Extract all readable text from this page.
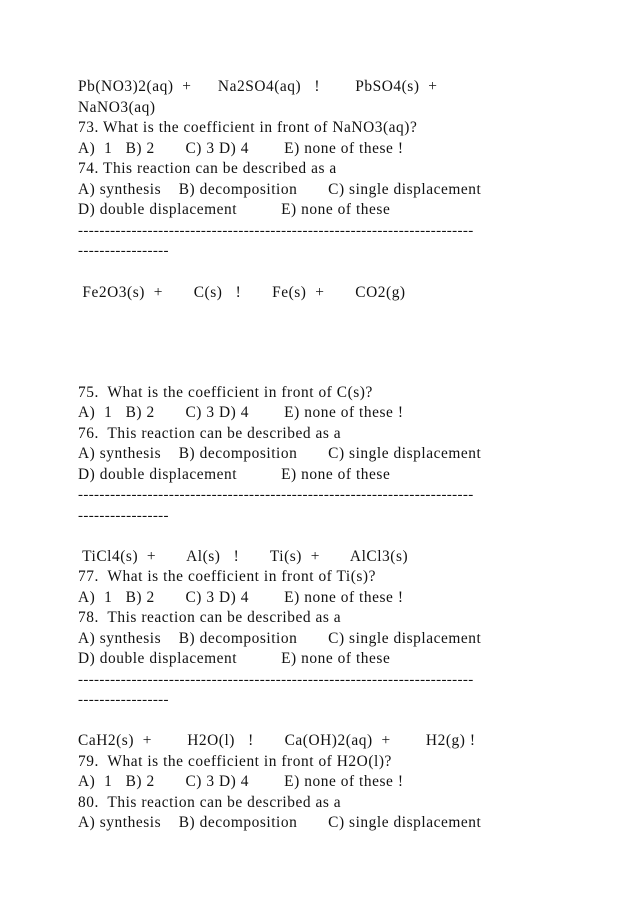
Pb(NO3)2(aq)  +      Na2SO4(aq)   !        PbSO4(s)  +
NaNO3(aq)
73. What is the coefficient in front of NaNO3(aq)?
A)  1   B) 2       C) 3 D) 4        E) none of these !
74. This reaction can be described as a
A) synthesis    B) decomposition       C) single displacement
D) double displacement          E) none of these
--------------------------------------------------------------------------
-----------------
Fe2O3(s)  +       C(s)   !       Fe(s)  +       CO2(g)
75.  What is the coefficient in front of C(s)?
A)  1   B) 2       C) 3 D) 4        E) none of these !
76.  This reaction can be described as a
A) synthesis    B) decomposition       C) single displacement
D) double displacement          E) none of these
--------------------------------------------------------------------------
-----------------
TiCl4(s)  +       Al(s)   !       Ti(s)  +       AlCl3(s)
77.  What is the coefficient in front of Ti(s)?
A)  1   B) 2       C) 3 D) 4        E) none of these !
78.  This reaction can be described as a
A) synthesis    B) decomposition       C) single displacement
D) double displacement          E) none of these
--------------------------------------------------------------------------
-----------------
CaH2(s)  +        H2O(l)   !       Ca(OH)2(aq)  +        H2(g) !
79.  What is the coefficient in front of H2O(l)?
A)  1   B) 2       C) 3 D) 4        E) none of these !
80.  This reaction can be described as a
A) synthesis    B) decomposition       C) single displacement
